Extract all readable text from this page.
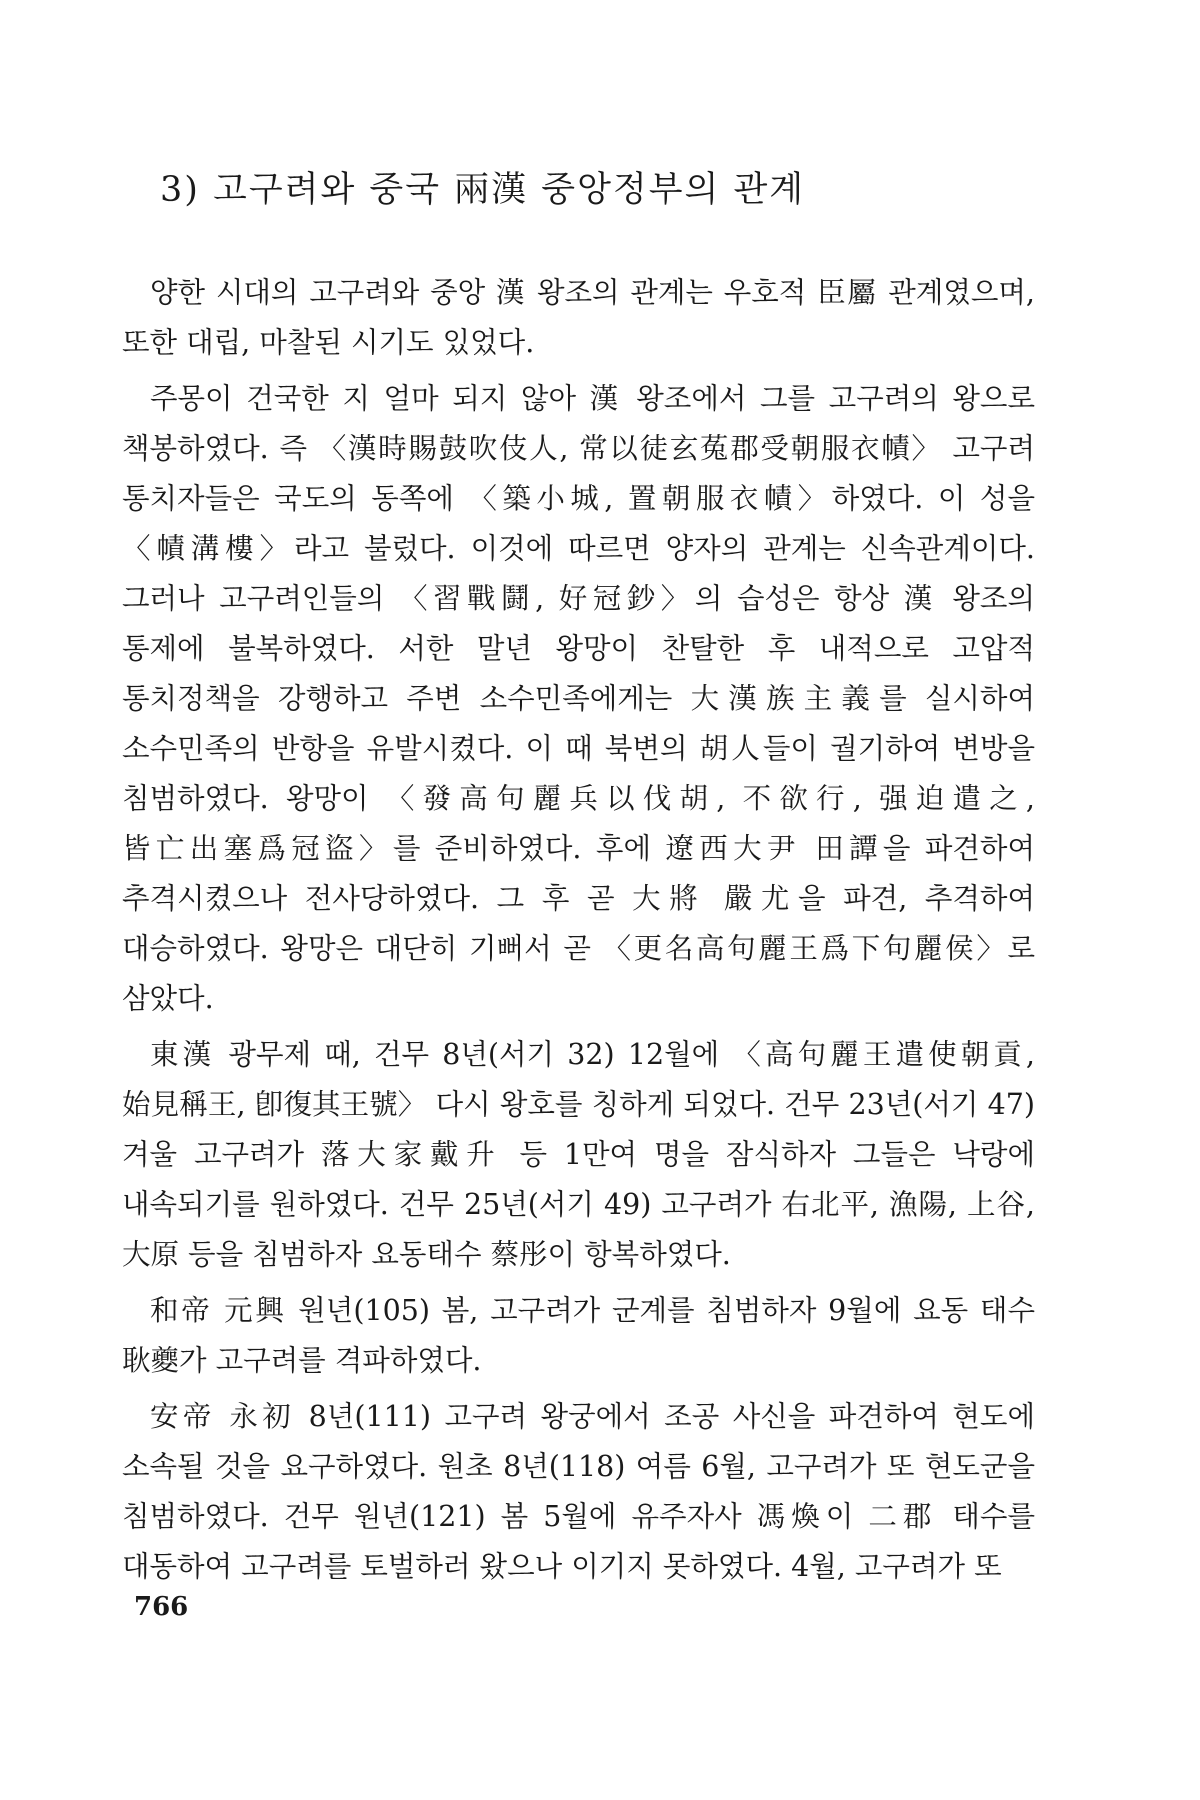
3) 고구려와 중국 兩漢 중앙정부의 관계

양한 시대의 고구려와 중앙 漢 왕조의 관계는 우호적 臣屬 관계였으며, 또한 대립, 마찰된 시기도 있었다.

주몽이 건국한 지 얼마 되지 않아 漢 왕조에서 그를 고구려의 왕으로 책봉하였다. 즉 〈漢時賜鼓吹伎人, 常以徒玄菟郡受朝服衣幘〉 고구려 통치자들은 국도의 동쪽에 〈築小城, 置朝服衣幘〉하였다. 이 성을 〈幘溝樓〉라고 불렀다. 이것에 따르면 양자의 관계는 신속관계이다. 그러나 고구려인들의 〈習戰鬪, 好冠鈔〉의 습성은 항상 漢 왕조의 통제에 불복하였다. 서한 말년 왕망이 찬탈한 후 내적으로 고압적 통치정책을 강행하고 주변 소수민족에게는 大漢族主義를 실시하여 소수민족의 반항을 유발시켰다. 이 때 북변의 胡人들이 궐기하여 변방을 침범하였다. 왕망이 〈發高句麗兵以伐胡, 不欲行, 强迫遣之, 皆亡出塞爲冠盜〉를 준비하였다. 후에 遼西大尹 田譚을 파견하여 추격시켰으나 전사당하였다. 그 후 곧 大將 嚴尤을 파견, 추격하여 대승하였다. 왕망은 대단히 기뻐서 곧 〈更名高句麗王爲下句麗侯〉로 삼았다.

東漢 광무제 때, 건무 8년(서기 32) 12월에 〈高句麗王遣使朝貢, 始見稱王, 卽復其王號〉 다시 왕호를 칭하게 되었다. 건무 23년(서기 47) 겨울 고구려가 落大家戴升 등 1만여 명을 잠식하자 그들은 낙랑에 내속되기를 원하였다. 건무 25년(서기 49) 고구려가 右北平, 漁陽, 上谷, 大原 등을 침범하자 요동태수 蔡彤이 항복하였다.

和帝 元興 원년(105) 봄, 고구려가 군계를 침범하자 9월에 요동 태수 耿夔가 고구려를 격파하였다.

安帝 永初 8년(111) 고구려 왕궁에서 조공 사신을 파견하여 현도에 소속될 것을 요구하였다. 원초 8년(118) 여름 6월, 고구려가 또 현도군을 침범하였다. 건무 원년(121) 봄 5월에 유주자사 馮煥이 二郡 태수를 대동하여 고구려를 토벌하러 왔으나 이기지 못하였다. 4월, 고구려가 또

766
